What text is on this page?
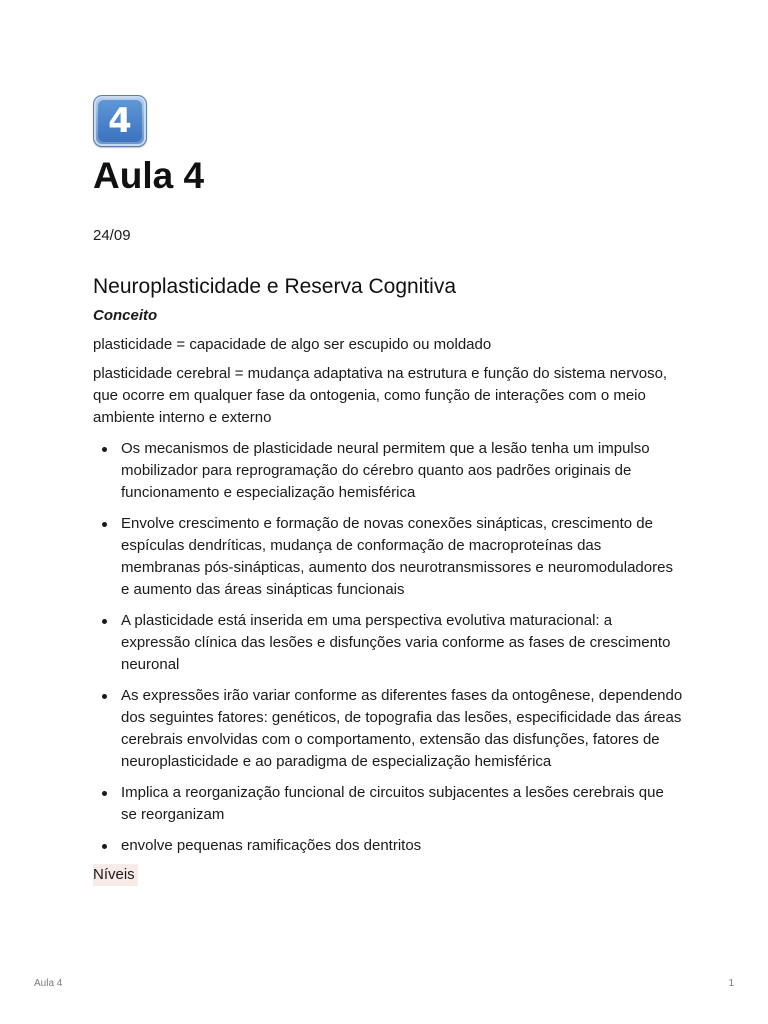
4
Aula 4
24/09
Neuroplasticidade e Reserva Cognitiva
Conceito

plasticidade = capacidade de algo ser escupido ou moldado

plasticidade cerebral = mudança adaptativa na estrutura e função do sistema nervoso, que ocorre em qualquer fase da ontogenia, como função de interações com o meio ambiente interno e externo

Os mecanismos de plasticidade neural permitem que a lesão tenha um impulso mobilizador para reprogramação do cérebro quanto aos padrões originais de funcionamento e especialização hemisférica
Envolve crescimento e formação de novas conexões sinápticas, crescimento de espículas dendríticas, mudança de conformação de macroproteínas das membranas pós-sinápticas, aumento dos neurotransmissores e neuromoduladores e aumento das áreas sinápticas funcionais
A plasticidade está inserida em uma perspectiva evolutiva maturacional: a expressão clínica das lesões e disfunções varia conforme as fases de crescimento neuronal
As expressões irão variar conforme as diferentes fases da ontogênese, dependendo dos seguintes fatores: genéticos, de topografia das lesões, especificidade das áreas cerebrais envolvidas com o comportamento, extensão das disfunções, fatores de neuroplasticidade e ao paradigma de especialização hemisférica
Implica a reorganização funcional de circuitos subjacentes a lesões cerebrais que se reorganizam
envolve pequenas ramificações dos dentritos
Níveis
Aula 4	1
